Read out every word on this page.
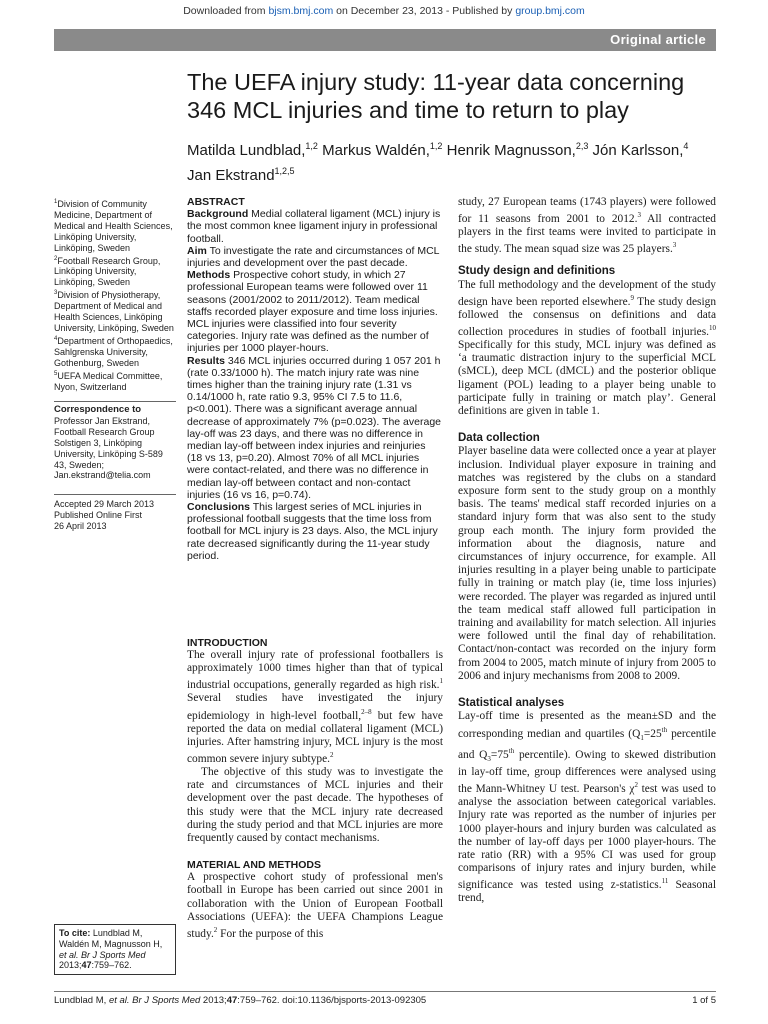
Downloaded from bjsm.bmj.com on December 23, 2013 - Published by group.bmj.com
Original article
The UEFA injury study: 11-year data concerning 346 MCL injuries and time to return to play
Matilda Lundblad,$^{1,2}$ Markus Waldén,$^{1,2}$ Henrik Magnusson,$^{2,3}$ Jón Karlsson,$^4$
Jan Ekstrand$^{1,2,5}$

$^1$Division of Community Medicine, Department of Medical and Health Sciences, Linköping University, Linköping, Sweden

$^2$Football Research Group, Linköping University, Linköping, Sweden

$^3$Division of Physiotherapy, Department of Medical and Health Sciences, Linköping University, Linköping, Sweden

$^4$Department of Orthopaedics, Sahlgrenska University, Gothenburg, Sweden

$^5$UEFA Medical Committee, Nyon, Switzerland

Correspondence to

Professor Jan Ekstrand, Football Research Group Solstigen 3, Linköping University, Linköping S-589 43, Sweden; Jan.ekstrand@telia.com

Accepted 29 March 2013

Published Online First

26 April 2013

To cite: Lundblad M, Waldén M, Magnusson H, et al. Br J Sports Med 2013;47:759–762.

ABSTRACT

Background Medial collateral ligament (MCL) injury is the most common knee ligament injury in professional football.

Aim To investigate the rate and circumstances of MCL injuries and development over the past decade.

Methods Prospective cohort study, in which 27 professional European teams were followed over 11 seasons (2001/2002 to 2011/2012). Team medical staffs recorded player exposure and time loss injuries. MCL injuries were classified into four severity categories. Injury rate was defined as the number of injuries per 1000 player-hours.

Results 346 MCL injuries occurred during 1 057 201 h (rate 0.33/1000 h). The match injury rate was nine times higher than the training injury rate (1.31 vs 0.14/1000 h, rate ratio 9.3, 95% CI 7.5 to 11.6, p<0.001). There was a significant average annual decrease of approximately 7% (p=0.023). The average lay-off was 23 days, and there was no difference in median lay-off between index injuries and reinjuries (18 vs 13, p=0.20). Almost 70% of all MCL injuries were contact-related, and there was no difference in median lay-off between contact and non-contact injuries (16 vs 16, p=0.74).

Conclusions This largest series of MCL injuries in professional football suggests that the time loss from football for MCL injury is 23 days. Also, the MCL injury rate decreased significantly during the 11-year study period.

INTRODUCTION

The overall injury rate of professional footballers is approximately 1000 times higher than that of typical industrial occupations, generally regarded as high risk.$^1$ Several studies have investigated the injury epidemiology in high-level football,$^{2-8}$ but few have reported the data on medial collateral ligament (MCL) injuries. After hamstring injury, MCL injury is the most common severe injury subtype.$^2$

The objective of this study was to investigate the rate and circumstances of MCL injuries and their development over the past decade. The hypotheses of this study were that the MCL injury rate decreased during the study period and that MCL injuries are more frequently caused by contact mechanisms.

MATERIAL AND METHODS

A prospective cohort study of professional men's football in Europe has been carried out since 2001 in collaboration with the Union of European Football Associations (UEFA): the UEFA Champions League study.$^2$ For the purpose of this

study, 27 European teams (1743 players) were followed for 11 seasons from 2001 to 2012.$^3$ All contracted players in the first teams were invited to participate in the study. The mean squad size was 25 players.$^3$

Study design and definitions

The full methodology and the development of the study design have been reported elsewhere.$^9$ The study design followed the consensus on definitions and data collection procedures in studies of football injuries.$^{10}$ Specifically for this study, MCL injury was defined as ‘a traumatic distraction injury to the superficial MCL (sMCL), deep MCL (dMCL) and the posterior oblique ligament (POL) leading to a player being unable to participate fully in training or match play’. General definitions are given in table 1.

Data collection

Player baseline data were collected once a year at player inclusion. Individual player exposure in training and matches was registered by the clubs on a standard exposure form sent to the study group on a monthly basis. The teams' medical staff recorded injuries on a standard injury form that was also sent to the study group each month. The injury form provided the information about the diagnosis, nature and circumstances of injury occurrence, for example. All injuries resulting in a player being unable to participate fully in training or match play (ie, time loss injuries) were recorded. The player was regarded as injured until the team medical staff allowed full participation in training and availability for match selection. All injuries were followed until the final day of rehabilitation. Contact/non-contact was recorded on the injury form from 2004 to 2005, match minute of injury from 2005 to 2006 and injury mechanisms from 2008 to 2009.

Statistical analyses

Lay-off time is presented as the mean±SD and the corresponding median and quartiles ($Q_1=25th$ percentile and $Q_3=75th$ percentile). Owing to skewed distribution in lay-off time, group differences were analysed using the Mann-Whitney U test. Pearson's $\chi^2$ test was used to analyse the association between categorical variables. Injury rate was reported as the number of injuries per 1000 player-hours and injury burden was calculated as the number of lay-off days per 1000 player-hours. The rate ratio (RR) with a 95% CI was used for group comparisons of injury rates and injury burden, while significance was tested using z-statistics.$^{11}$ Seasonal trend,

Lundblad M, et al. Br J Sports Med 2013;47:759–762. doi:10.1136/bjsports-2013-092305	1 of 5
